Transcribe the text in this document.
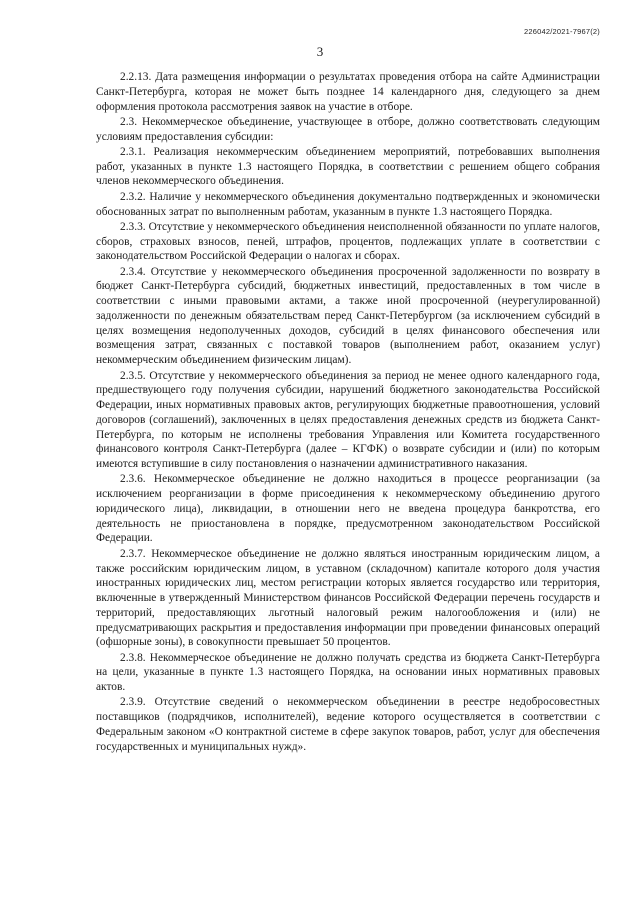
226042/2021-7967(2)
3

2.2.13. Дата размещения информации о результатах проведения отбора на сайте Администрации Санкт-Петербурга, которая не может быть позднее 14 календарного дня, следующего за днем оформления протокола рассмотрения заявок на участие в отборе.

2.3. Некоммерческое объединение, участвующее в отборе, должно соответствовать следующим условиям предоставления субсидии:

2.3.1. Реализация некоммерческим объединением мероприятий, потребовавших выполнения работ, указанных в пункте 1.3 настоящего Порядка, в соответствии с решением общего собрания членов некоммерческого объединения.

2.3.2. Наличие у некоммерческого объединения документально подтвержденных и экономически обоснованных затрат по выполненным работам, указанным в пункте 1.3 настоящего Порядка.

2.3.3. Отсутствие у некоммерческого объединения неисполненной обязанности по уплате налогов, сборов, страховых взносов, пеней, штрафов, процентов, подлежащих уплате в соответствии с законодательством Российской Федерации о налогах и сборах.

2.3.4. Отсутствие у некоммерческого объединения просроченной задолженности по возврату в бюджет Санкт-Петербурга субсидий, бюджетных инвестиций, предоставленных в том числе в соответствии с иными правовыми актами, а также иной просроченной (неурегулированной) задолженности по денежным обязательствам перед Санкт-Петербургом (за исключением субсидий в целях возмещения недополученных доходов, субсидий в целях финансового обеспечения или возмещения затрат, связанных с поставкой товаров (выполнением работ, оказанием услуг) некоммерческим объединением физическим лицам).

2.3.5. Отсутствие у некоммерческого объединения за период не менее одного календарного года, предшествующего году получения субсидии, нарушений бюджетного законодательства Российской Федерации, иных нормативных правовых актов, регулирующих бюджетные правоотношения, условий договоров (соглашений), заключенных в целях предоставления денежных средств из бюджета Санкт-Петербурга, по которым не исполнены требования Управления или Комитета государственного финансового контроля Санкт-Петербурга (далее – КГФК) о возврате субсидии и (или) по которым имеются вступившие в силу постановления о назначении административного наказания.

2.3.6. Некоммерческое объединение не должно находиться в процессе реорганизации (за исключением реорганизации в форме присоединения к некоммерческому объединению другого юридического лица), ликвидации, в отношении него не введена процедура банкротства, его деятельность не приостановлена в порядке, предусмотренном законодательством Российской Федерации.

2.3.7. Некоммерческое объединение не должно являться иностранным юридическим лицом, а также российским юридическим лицом, в уставном (складочном) капитале которого доля участия иностранных юридических лиц, местом регистрации которых является государство или территория, включенные в утвержденный Министерством финансов Российской Федерации перечень государств и территорий, предоставляющих льготный налоговый режим налогообложения и (или) не предусматривающих раскрытия и предоставления информации при проведении финансовых операций (офшорные зоны), в совокупности превышает 50 процентов.

2.3.8. Некоммерческое объединение не должно получать средства из бюджета Санкт-Петербурга на цели, указанные в пункте 1.3 настоящего Порядка, на основании иных нормативных правовых актов.

2.3.9. Отсутствие сведений о некоммерческом объединении в реестре недобросовестных поставщиков (подрядчиков, исполнителей), ведение которого осуществляется в соответствии с Федеральным законом «О контрактной системе в сфере закупок товаров, работ, услуг для обеспечения государственных и муниципальных нужд».
